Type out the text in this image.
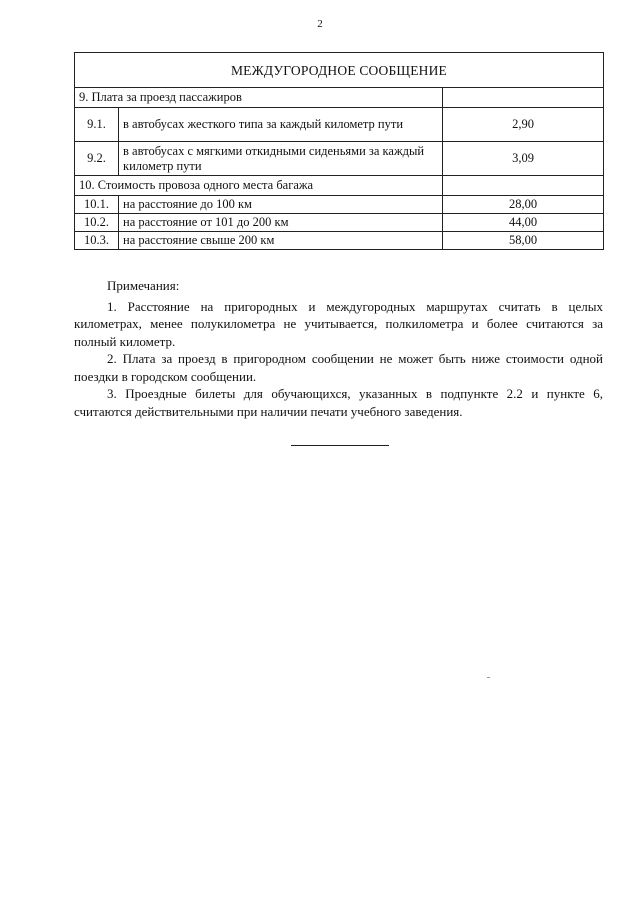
2
МЕЖДУГОРОДНОЕ СООБЩЕНИЕ		
9. Плата за проезд пассажиров		
9.1.	в автобусах жесткого типа за каждый километр пути	2,90
9.2.	в автобусах с мягкими откидными сиденьями за каждый километр пути	3,09
10. Стоимость провоза одного места багажа		
10.1.	на расстояние до 100 км	28,00
10.2.	на расстояние от 101 до 200 км	44,00
10.3.	на расстояние свыше 200 км	58,00
Примечания:

1. Расстояние на пригородных и междугородных маршрутах считать в целых километрах, менее полукилометра не учитывается, полкилометра и более считаются за полный километр.

2. Плата за проезд в пригородном сообщении не может быть ниже стоимости одной поездки в городском сообщении.

3. Проездные билеты для обучающихся, указанных в подпункте 2.2 и пункте 6, считаются действительными при наличии печати учебного заведения.
